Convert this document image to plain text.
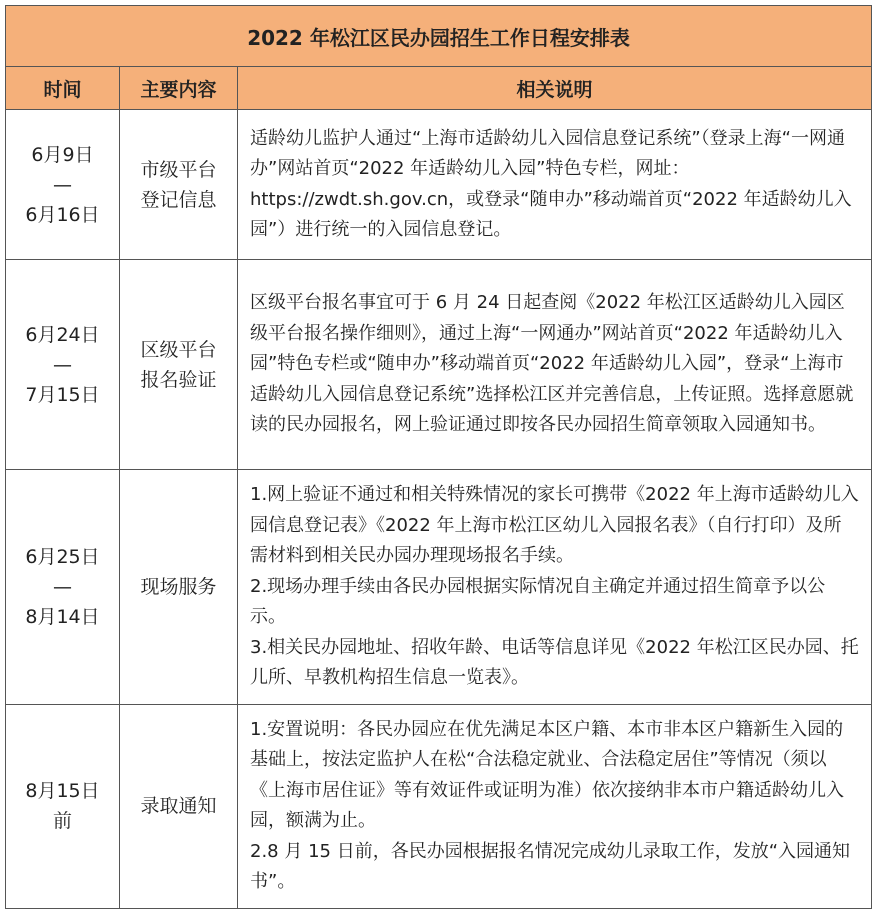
2022 年松江区民办园招生工作日程安排表		
时间	主要内容	相关说明

6月9日
—
6月16日	市级平台
登记信息	适龄幼儿监护人通过“上海市适龄幼儿入园信息登记系统”（登录上海“一网通办”网站首页“2022 年适龄幼儿入园”特色专栏，网址：https://zwdt.sh.gov.cn，或登录“随申办”移动端首页“2022 年适龄幼儿入园”）进行统一的入园信息登记。

6月24日
—
7月15日	区级平台
报名验证	区级平台报名事宜可于 6 月 24 日起查阅《2022 年松江区适龄幼儿入园区级平台报名操作细则》，通过上海“一网通办”网站首页“2022 年适龄幼儿入园”特色专栏或“随申办”移动端首页“2022 年适龄幼儿入园”，登录“上海市适龄幼儿入园信息登记系统”选择松江区并完善信息，上传证照。选择意愿就读的民办园报名，网上验证通过即按各民办园招生简章领取入园通知书。

6月25日
—
8月14日	现场服务	1.网上验证不通过和相关特殊情况的家长可携带《2022 年上海市适龄幼儿入园信息登记表》《2022 年上海市松江区幼儿入园报名表》（自行打印）及所需材料到相关民办园办理现场报名手续。
2.现场办理手续由各民办园根据实际情况自主确定并通过招生简章予以公示。
3.相关民办园地址、招收年龄、电话等信息详见《2022 年松江区民办园、托儿所、早教机构招生信息一览表》。

8月15日
前	录取通知	1.安置说明：各民办园应在优先满足本区户籍、本市非本区户籍新生入园的基础上，按法定监护人在松“合法稳定就业、合法稳定居住”等情况（须以《上海市居住证》等有效证件或证明为准）依次接纳非本市户籍适龄幼儿入园，额满为止。
2.8 月 15 日前，各民办园根据报名情况完成幼儿录取工作，发放“入园通知书”。
